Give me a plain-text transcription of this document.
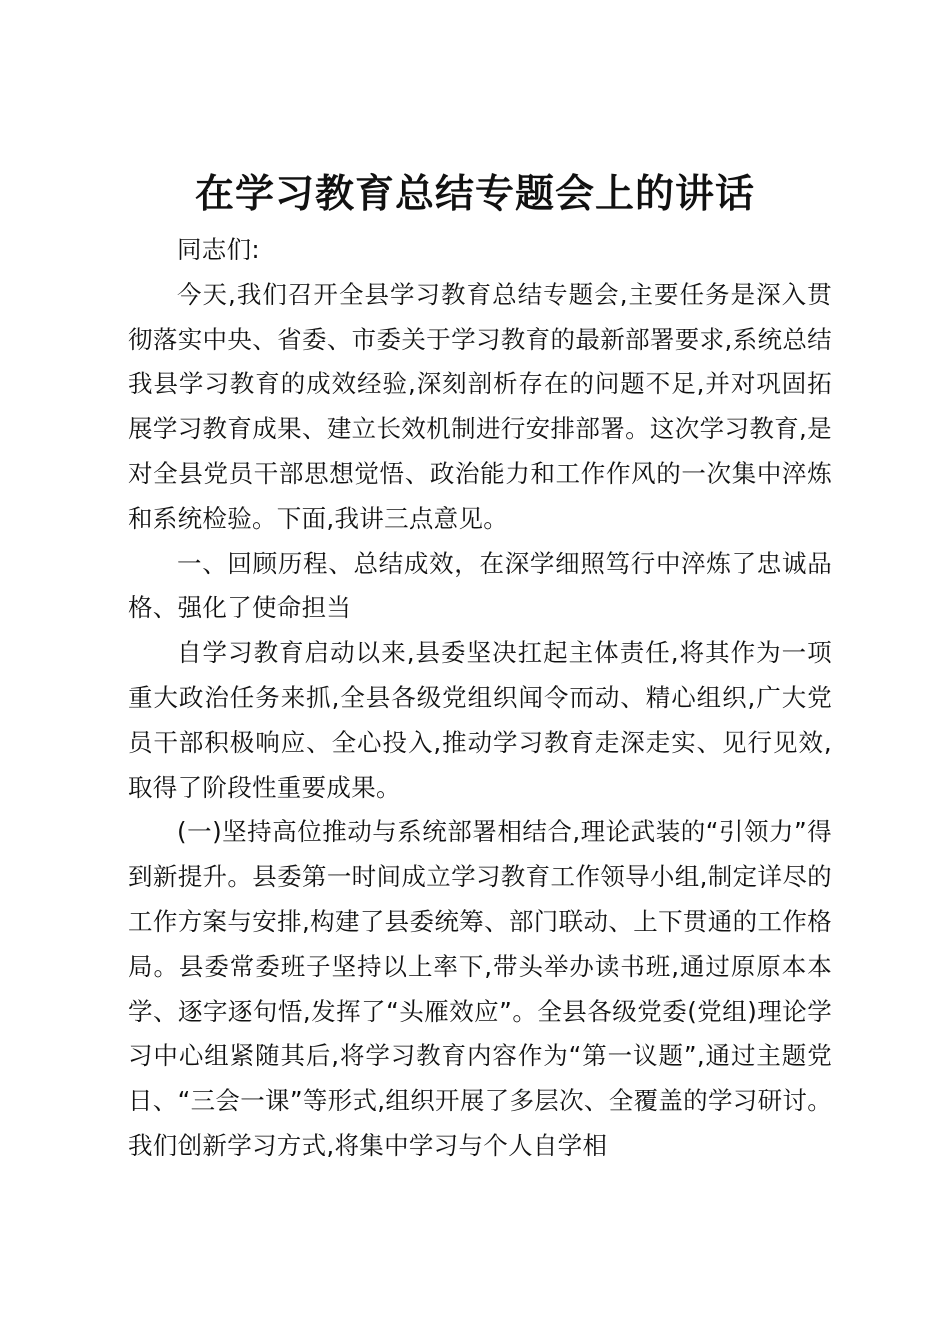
在学习教育总结专题会上的讲话

同志们:

今天,我们召开全县学习教育总结专题会,主要任务是深入贯彻落实中央、省委、市委关于学习教育的最新部署要求,系统总结我县学习教育的成效经验,深刻剖析存在的问题不足,并对巩固拓展学习教育成果、建立长效机制进行安排部署。这次学习教育,是对全县党员干部思想觉悟、政治能力和工作作风的一次集中淬炼和系统检验。下面,我讲三点意见。

一、回顾历程、总结成效，在深学细照笃行中淬炼了忠诚品格、强化了使命担当

自学习教育启动以来,县委坚决扛起主体责任,将其作为一项重大政治任务来抓,全县各级党组织闻令而动、精心组织,广大党员干部积极响应、全心投入,推动学习教育走深走实、见行见效,取得了阶段性重要成果。

(一)坚持高位推动与系统部署相结合,理论武装的“引领力”得到新提升。县委第一时间成立学习教育工作领导小组,制定详尽的工作方案与安排,构建了县委统筹、部门联动、上下贯通的工作格局。县委常委班子坚持以上率下,带头举办读书班,通过原原本本学、逐字逐句悟,发挥了“头雁效应”。全县各级党委(党组)理论学习中心组紧随其后,将学习教育内容作为“第一议题”,通过主题党日、“三会一课”等形式,组织开展了多层次、全覆盖的学习研讨。我们创新学习方式,将集中学习与个人自学相
